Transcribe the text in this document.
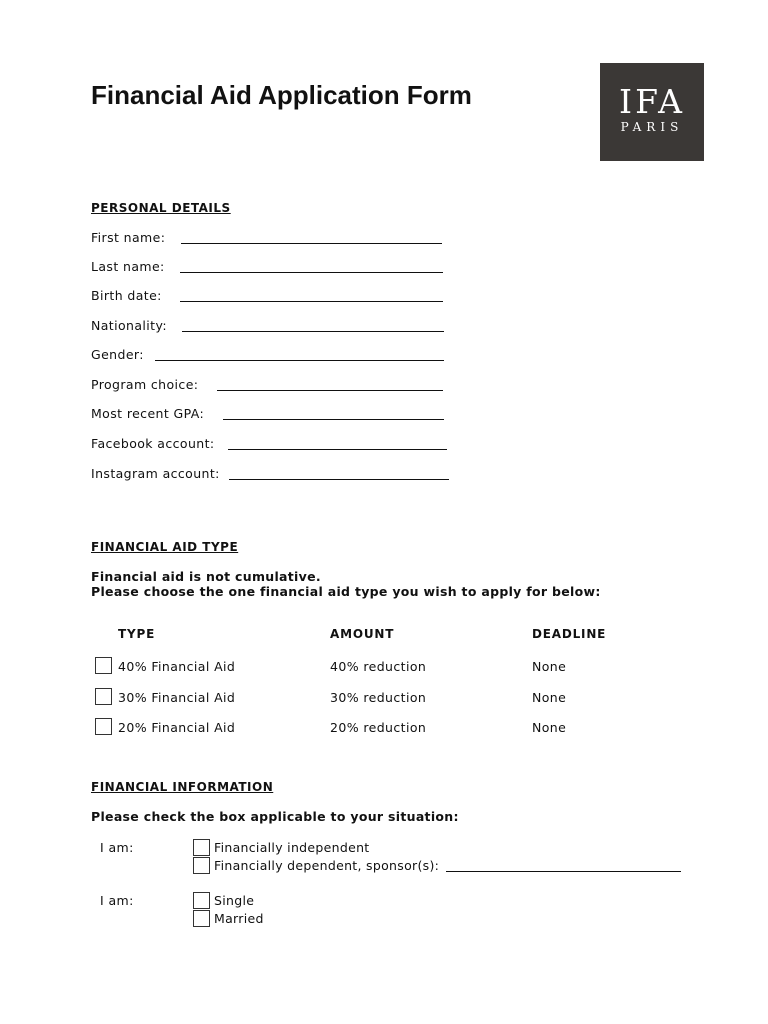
Financial Aid Application Form	IFA
PARIS
PERSONAL DETAILS
First name:
Last name:
Birth date:
Nationality:
Gender:
Program choice:
Most recent GPA:
Facebook account:
Instagram account:
FINANCIAL AID TYPE
Financial aid is not cumulative.
Please choose the one financial aid type you wish to apply for below:
TYPE	AMOUNT	DEADLINE
40% Financial Aid	40% reduction	None
30% Financial Aid	30% reduction	None
20% Financial Aid	20% reduction	None
FINANCIAL INFORMATION
Please check the box applicable to your situation:
I am:	Financially independent
Financially dependent, sponsor(s):
I am:	Single
Married
